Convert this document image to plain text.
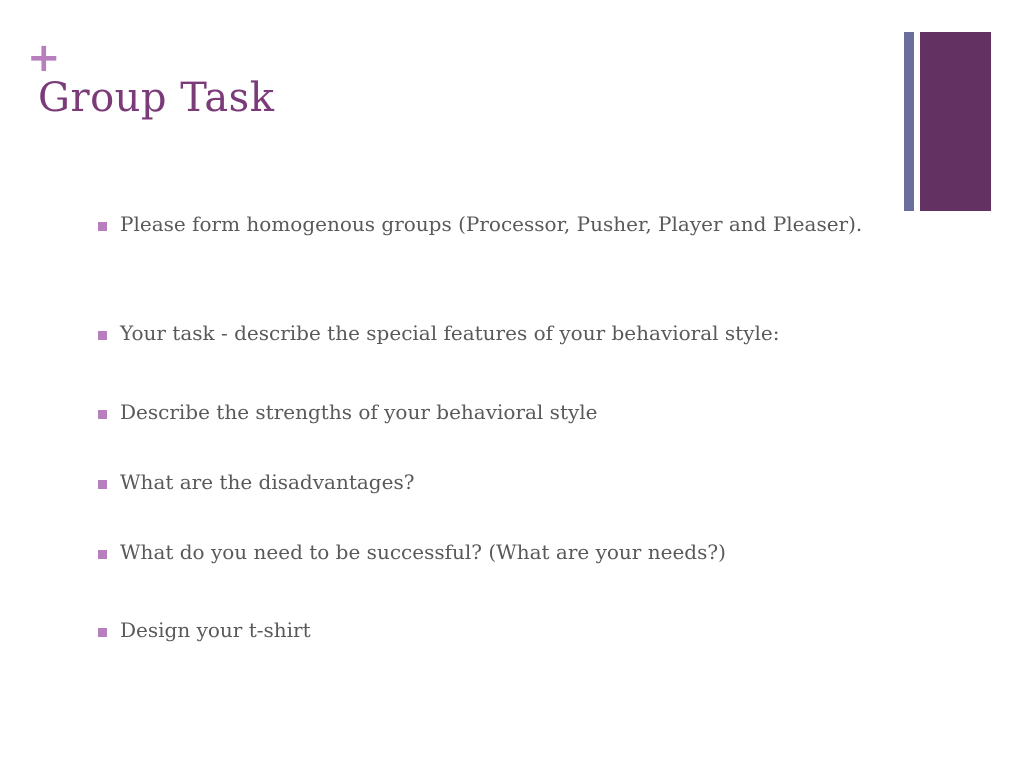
+
Group Task
Please form homogenous groups (Processor, Pusher, Player and Pleaser).
Your task - describe the special features of your behavioral style:
Describe the strengths of your behavioral style
What are the disadvantages?
What do you need to be successful? (What are your needs?)
Design your t-shirt
